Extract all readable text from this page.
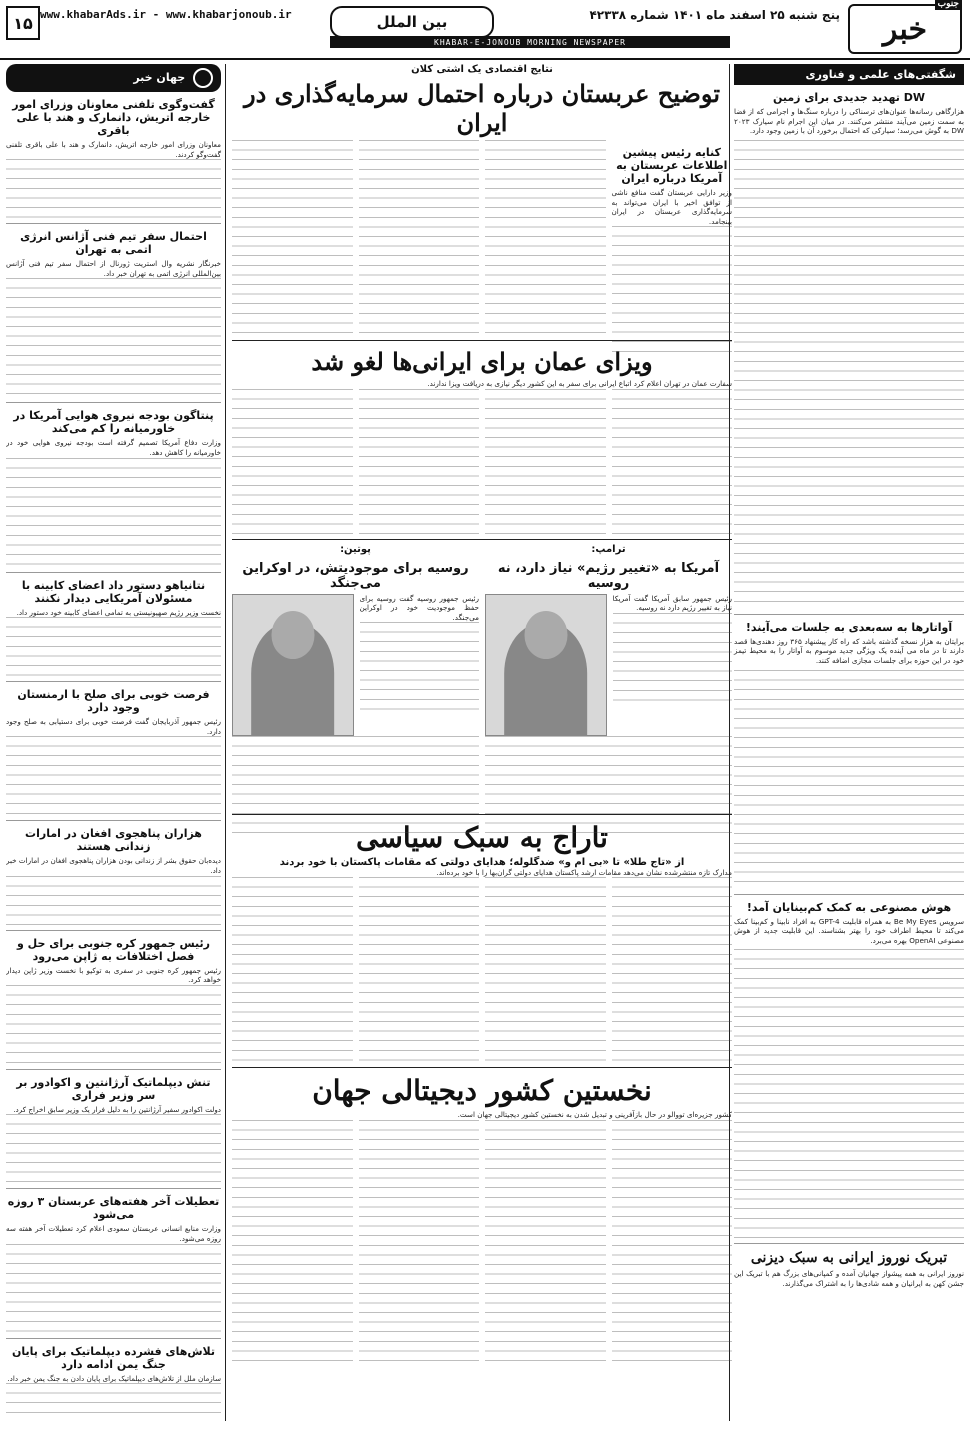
خبر
جنوب
پنج شنبه ۲۵ اسفند ماه ۱۴۰۱ شماره ۴۲۳۳۸
بین الملل
KHABAR-E-JONOUB MORNING NEWSPAPER
www.khabarAds.ir - www.khabarjonoub.ir
۱۵
شگفتی‌های علمی و فناوری
DW تهدید جدیدی برای زمین
هزارگاهی رسانه‌ها عنوان‌های ترسناکی را درباره سنگ‌ها و اجرامی که از فضا به سمت زمین می‌آیند منتشر می‌کنند. در میان این اجرام نام سیارک ۲۰۲۳ DW به گوش می‌رسد؛ سیارکی که احتمال برخورد آن با زمین وجود دارد.
آواتارها به سه‌بعدی به جلسات می‌آیند!
برایتان به هزار نسخه گذشته باشد که راه کار پیشنهاد ۳۶۵ روز دهندی‌ها قصد دارند تا در ماه می آینده یک ویژگی جدید موسوم به آواتار را به محیط تیمز خود در این حوزه برای جلسات مجازی اضافه کنند.
هوش مصنوعی به کمک کم‌بینایان آمد!
سرویس Be My Eyes به همراه قابلیت GPT-4 به افراد نابینا و کم‌بینا کمک می‌کند تا محیط اطراف خود را بهتر بشناسند. این قابلیت جدید از هوش مصنوعی OpenAI بهره می‌برد.
تبریک نوروز ایرانی به سبک دیزنی
نوروز ایرانی به همه پیشواز جهانیان آمده و کمپانی‌های بزرگ هم با تبریک این جشن کهن به ایرانیان و همه شادی‌ها را به اشتراک می‌گذارند.
نتایج اقتصادی یک آشتی کلان
توضیح عربستان درباره احتمال سرمایه‌گذاری در ایران
کنایه رئیس پیشین اطلاعات عربستان به آمریکا درباره ایران
وزیر دارایی عربستان گفت منافع ناشی از توافق اخیر با ایران می‌تواند به سرمایه‌گذاری عربستان در ایران بینجامد.
ویزای عمان برای ایرانی‌ها لغو شد
سفارت عمان در تهران اعلام کرد اتباع ایرانی برای سفر به این کشور دیگر نیازی به دریافت ویزا ندارند.
ترامپ:
آمریکا به «تغییر رژیم» نیاز دارد، نه روسیه
رئیس جمهور سابق آمریکا گفت آمریکا نیاز به تغییر رژیم دارد نه روسیه.
پوتین:
روسیه برای موجودیتش، در اوکراین می‌جنگد
رئیس جمهور روسیه گفت روسیه برای حفظ موجودیت خود در اوکراین می‌جنگد.
تاراج به سبک سیاسی
از «تاج طلا» تا «بی ام و» ضدگلوله؛ هدایای دولتی که مقامات پاکستان با خود بردند
مدارک تازه منتشرشده نشان می‌دهد مقامات ارشد پاکستان هدایای دولتی گران‌بها را با خود برده‌اند.
نخستین کشور دیجیتالی جهان
کشور جزیره‌ای تووالو در حال بازآفرینی و تبدیل شدن به نخستین کشور دیجیتالی جهان است.
جهان خبر
گفت‌وگوی تلفنی معاونان وزرای امور خارجه اتریش، دانمارک و هند با علی باقری
معاونان وزرای امور خارجه اتریش، دانمارک و هند با علی باقری تلفنی گفت‌وگو کردند.
احتمال سفر تیم فنی آژانس انرژی اتمی به تهران
خبرنگار نشریه وال استریت ژورنال از احتمال سفر تیم فنی آژانس بین‌المللی انرژی اتمی به تهران خبر داد.
پنتاگون بودجه نیروی هوایی آمریکا در خاورمیانه را کم می‌کند
وزارت دفاع آمریکا تصمیم گرفته است بودجه نیروی هوایی خود در خاورمیانه را کاهش دهد.
نتانیاهو دستور داد اعضای کابینه با مسئولان آمریکایی دیدار نکنند
نخست وزیر رژیم صهیونیستی به تمامی اعضای کابینه خود دستور داد.
فرصت خوبی برای صلح با ارمنستان وجود دارد
رئیس جمهور آذربایجان گفت فرصت خوبی برای دستیابی به صلح وجود دارد.
هزاران پناهجوی افغان در امارات زندانی هستند
دیده‌بان حقوق بشر از زندانی بودن هزاران پناهجوی افغان در امارات خبر داد.
رئیس جمهور کره جنوبی برای حل و فصل اختلافات به ژاپن می‌رود
رئیس جمهور کره جنوبی در سفری به توکیو با نخست وزیر ژاپن دیدار خواهد کرد.
تنش دیپلماتیک آرژانتین و اکوادور بر سر وزیر فراری
دولت اکوادور سفیر آرژانتین را به دلیل فرار یک وزیر سابق اخراج کرد.
تعطیلات آخر هفته‌های عربستان ۳ روزه می‌شود
وزارت منابع انسانی عربستان سعودی اعلام کرد تعطیلات آخر هفته سه روزه می‌شود.
تلاش‌های فشرده دیپلماتیک برای پایان جنگ یمن ادامه دارد
سازمان ملل از تلاش‌های دیپلماتیک برای پایان دادن به جنگ یمن خبر داد.
